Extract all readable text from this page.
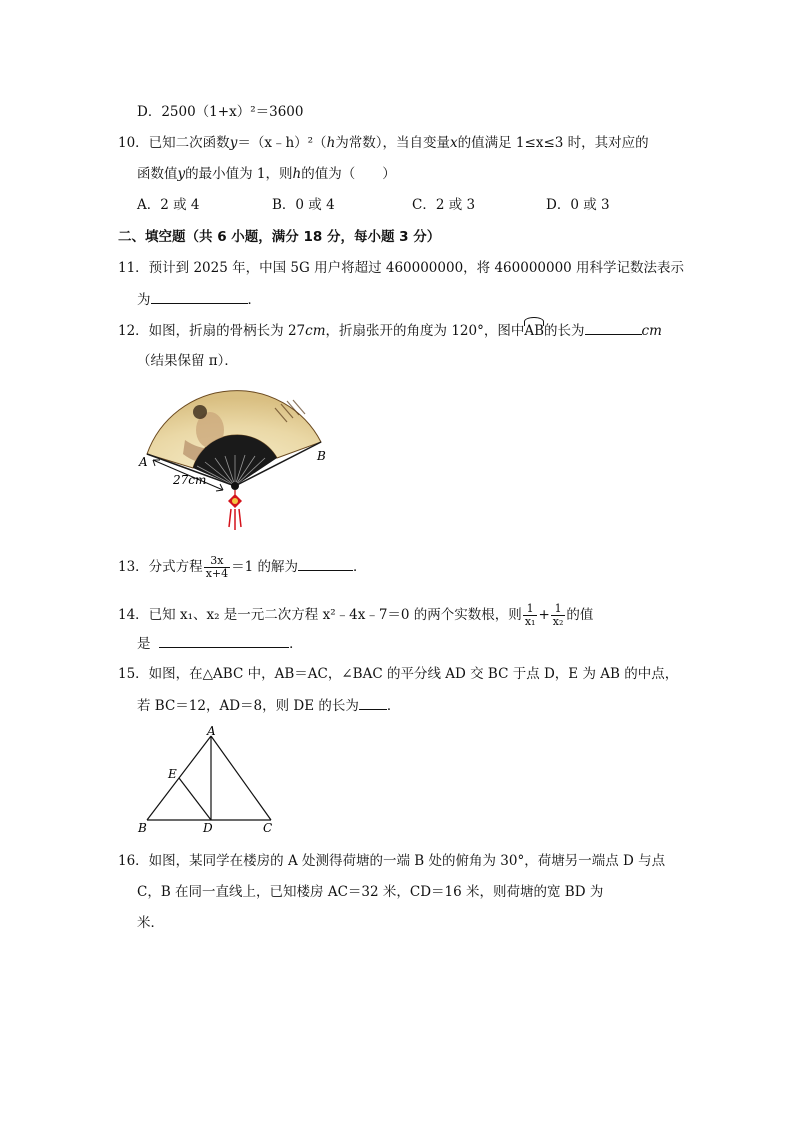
D．2500（1+x）²＝3600
10．已知二次函数y＝（x﹣h）²（h为常数），当自变量x的值满足 1≤x≤3 时，其对应的
函数值y的最小值为 1，则h的值为（　　）
A．2 或 4	B．0 或 4	C．2 或 3	D．0 或 3
二、填空题（共 6 小题，满分 18 分，每小题 3 分）
11．预计到 2025 年，中国 5G 用户将超过 460000000，将 460000000 用科学记数法表示
为	．
12．如图，折扇的骨柄长为 27cm，折扇张开的角度为 120°，图中AB的长为	cm
（结果保留 π）．
A	B
27cm
13．分式方程 $\frac{3x}{x+4} =1$ 的解为	．
14．已知 x₁、x₂ 是一元二次方程 x²﹣4x﹣7＝0 的两个实数根，则 $\frac{1}{\text{x₁}} + \frac{1}{\text{x₂}}$ 的值
是	．
15．如图，在△ABC 中，AB＝AC，∠BAC 的平分线 AD 交 BC 于点 D，E 为 AB 的中点，
若 BC＝12，AD＝8，则 DE 的长为 ．
A
E
B	D	C
16．如图，某同学在楼房的 A 处测得荷塘的一端 B 处的俯角为 30°，荷塘另一端点 D 与点
C，B 在同一直线上，已知楼房 AC＝32 米，CD＝16 米，则荷塘的宽 BD 为
米．
